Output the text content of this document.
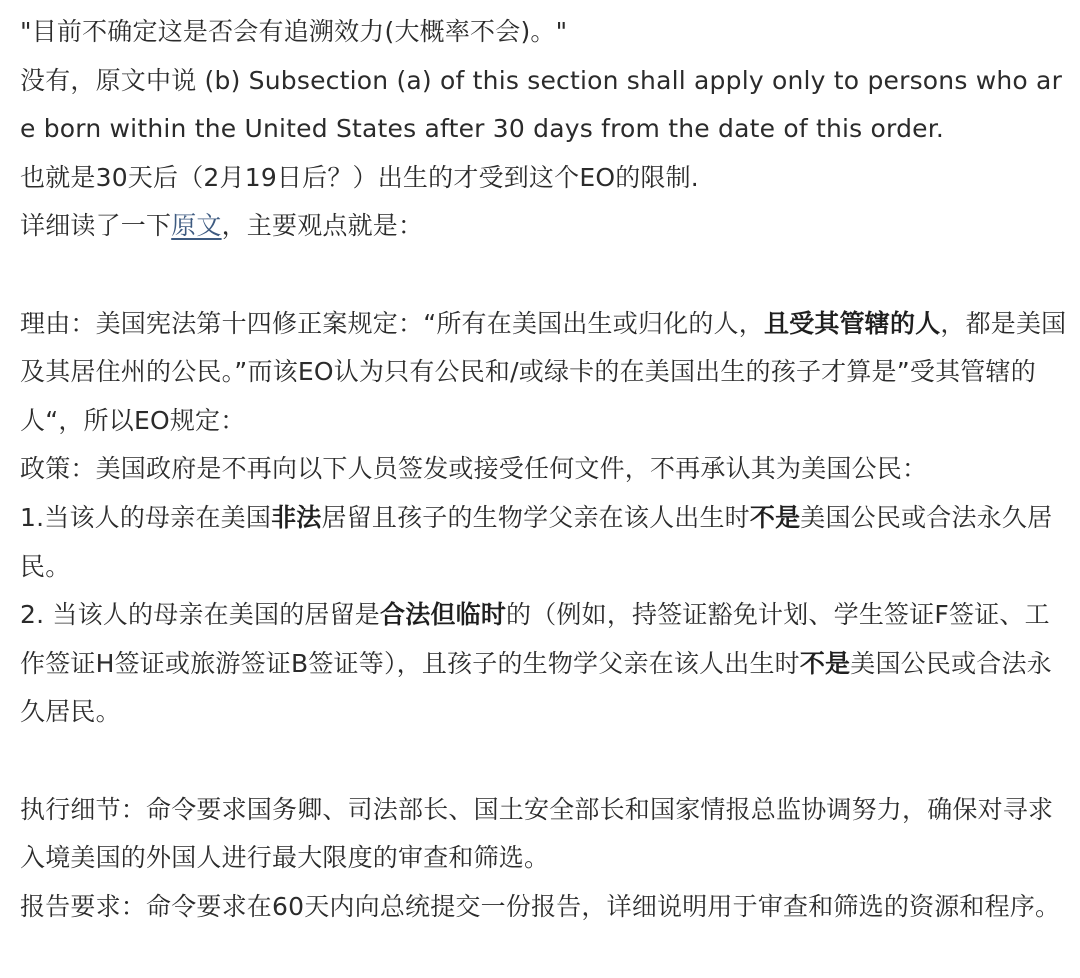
"目前不确定这是否会有追溯效力(大概率不会)。"

没有，原文中说 (b) Subsection (a) of this section shall apply only to persons who are born within the United States after 30 days from the date of this order.

也就是30天后（2月19日后？）出生的才受到这个EO的限制.

详细读了一下原文，主要观点就是：

理由：美国宪法第十四修正案规定：“所有在美国出生或归化的人，且受其管辖的人，都是美国及其居住州的公民。”而该EO认为只有公民和/或绿卡的在美国出生的孩子才算是”受其管辖的人“，所以EO规定：

政策：美国政府是不再向以下人员签发或接受任何文件，不再承认其为美国公民：

1.当该人的母亲在美国非法居留且孩子的生物学父亲在该人出生时不是美国公民或合法永久居民。

2. 当该人的母亲在美国的居留是合法但临时的（例如，持签证豁免计划、学生签证F签证、工作签证H签证或旅游签证B签证等），且孩子的生物学父亲在该人出生时不是美国公民或合法永久居民。

执行细节：命令要求国务卿、司法部长、国土安全部长和国家情报总监协调努力，确保对寻求入境美国的外国人进行最大限度的审查和筛选。

报告要求：命令要求在60天内向总统提交一份报告，详细说明用于审查和筛选的资源和程序。
